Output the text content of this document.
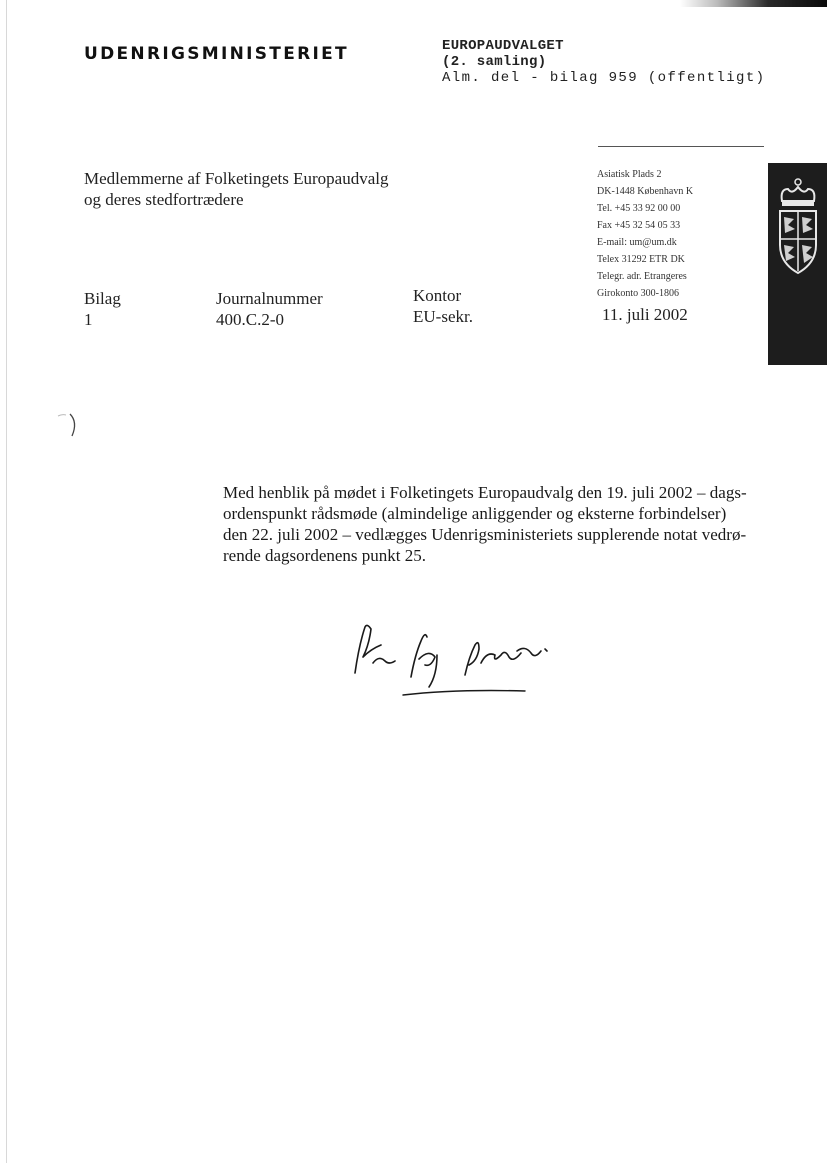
UDENRIGSMINISTERIET	EUROPAUDVALGET
(2. samling)
Alm. del - bilag 959 (offentligt)
Asiatisk Plads 2
DK-1448 København K
Tel. +45 33 92 00 00
Fax +45 32 54 05 33
E-mail: um@um.dk
Telex 31292 ETR DK
Telegr. adr. Etrangeres
Girokonto 300-1806
Medlemmerne af Folketingets Europaudvalg
og deres stedfortrædere
Bilag
1
Journalnummer
400.C.2-0
Kontor
EU-sekr.	11. juli 2002

Med henblik på mødet i Folketingets Europaudvalg den 19. juli 2002 – dags-

ordenspunkt rådsmøde (almindelige anliggender og eksterne forbindelser)

den 22. juli 2002 – vedlægges Udenrigsministeriets supplerende notat vedrø-

rende dagsordenens punkt 25.
